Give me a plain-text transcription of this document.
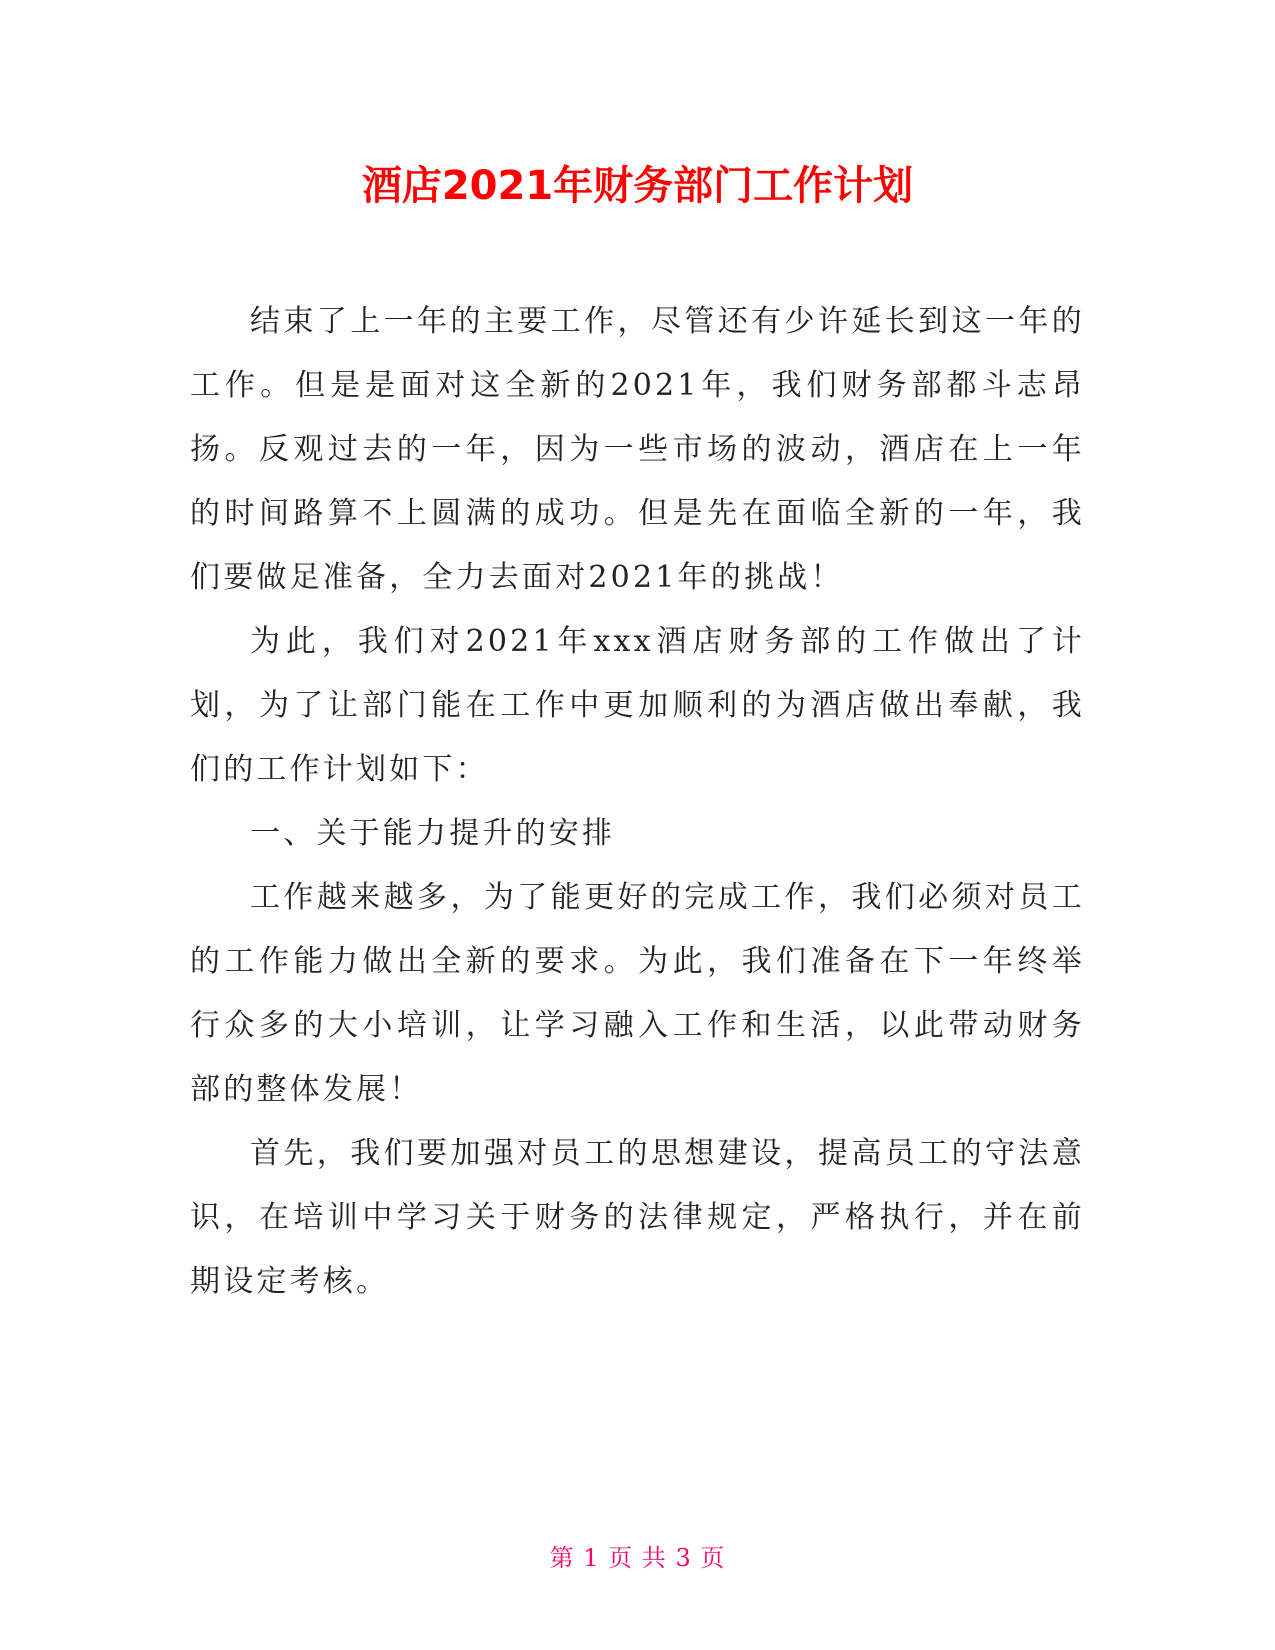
酒店2021年财务部门工作计划

结束了上一年的主要工作，尽管还有少许延长到这一年的工作。但是是面对这全新的2021年，我们财务部都斗志昂扬。反观过去的一年，因为一些市场的波动，酒店在上一年的时间路算不上圆满的成功。但是先在面临全新的一年，我们要做足准备，全力去面对2021年的挑战！

为此，我们对2021年xxx酒店财务部的工作做出了计划，为了让部门能在工作中更加顺利的为酒店做出奉献，我们的工作计划如下：

一、关于能力提升的安排

工作越来越多，为了能更好的完成工作，我们必须对员工的工作能力做出全新的要求。为此，我们准备在下一年终举行众多的大小培训，让学习融入工作和生活，以此带动财务部的整体发展！

首先，我们要加强对员工的思想建设，提高员工的守法意识，在培训中学习关于财务的法律规定，严格执行，并在前期设定考核。

第 1 页 共 3 页
